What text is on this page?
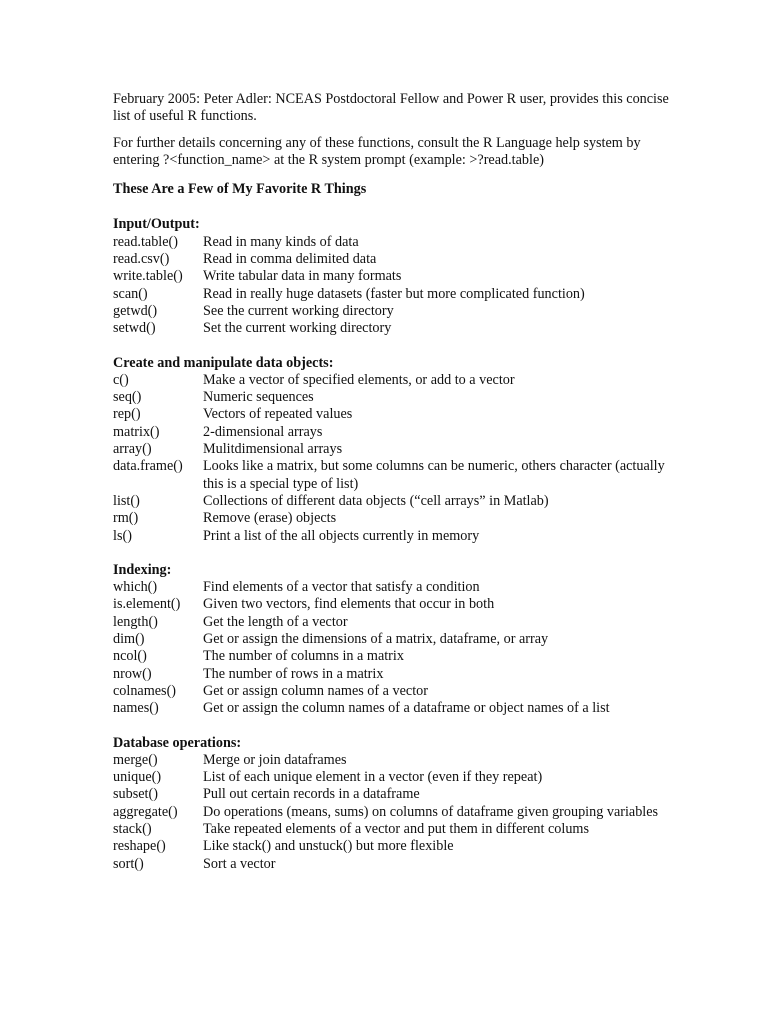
February 2005: Peter Adler: NCEAS Postdoctoral Fellow and Power R user, provides this concise list of useful R functions.

For further details concerning any of these functions, consult the R Language help system by entering ?<function_name> at the R system prompt (example: >?read.table)

These Are a Few of My Favorite R Things

Input/Output:

read.table()	Read in many kinds of data
read.csv()	Read in comma delimited data
write.table()	Write tabular data in many formats
scan()	Read in really huge datasets (faster but more complicated function)
getwd()	See the current working directory
setwd()	Set the current working directory

Create and manipulate data objects:

c()	Make a vector of specified elements, or add to a vector
seq()	Numeric sequences
rep()	Vectors of repeated values
matrix()	2-dimensional arrays
array()	Mulitdimensional arrays
data.frame()	Looks like a matrix, but some columns can be numeric, others character (actually this is a special type of list)
list()	Collections of different data objects (“cell arrays” in Matlab)
rm()	Remove (erase) objects
ls()	Print a list of the all objects currently in memory

Indexing:

which()	Find elements of a vector that satisfy a condition
is.element()	Given two vectors, find elements that occur in both
length()	Get the length of a vector
dim()	Get or assign the dimensions of a matrix, dataframe, or array
ncol()	The number of columns in a matrix
nrow()	The number of rows in a matrix
colnames()	Get or assign column names of a vector
names()	Get or assign the column names of a dataframe or object names of a list

Database operations:

merge()	Merge or join dataframes
unique()	List of each unique element in a vector (even if they repeat)
subset()	Pull out certain records in a dataframe
aggregate()	Do operations (means, sums) on columns of dataframe given grouping variables
stack()	Take repeated elements of a vector and put them in different colums
reshape()	Like stack() and unstuck() but more flexible
sort()	Sort a vector
